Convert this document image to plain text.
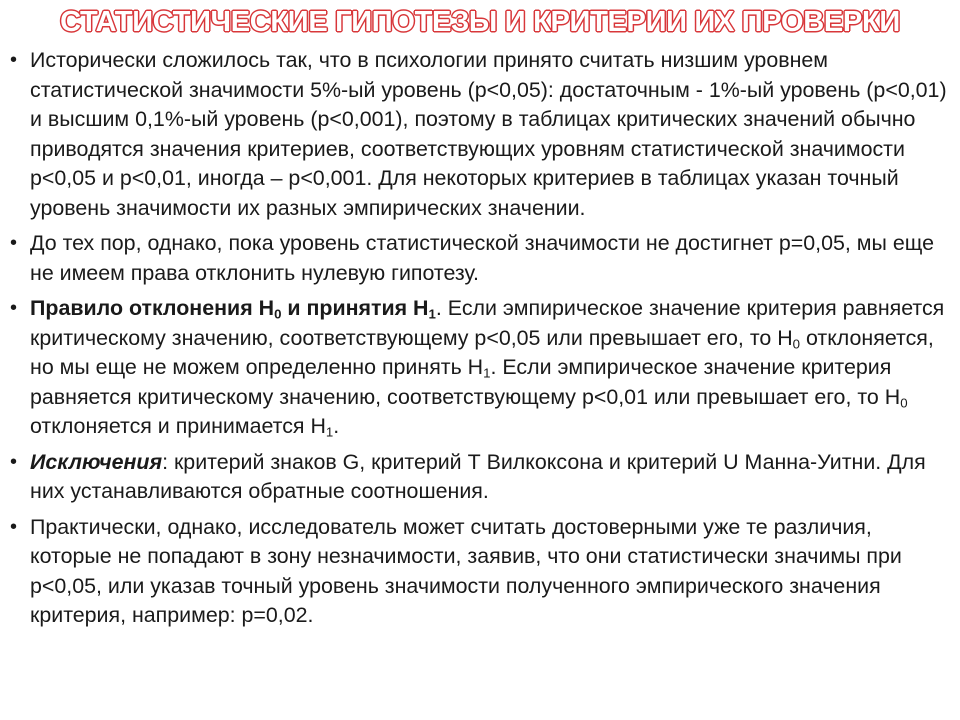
СТАТИСТИЧЕСКИЕ ГИПОТЕЗЫ И КРИТЕРИИ ИХ ПРОВЕРКИ
• Исторически сложилось так, что в психологии принято считать низшим уровнем статистической значимости 5%-ый уровень (р<0,05): достаточным - 1%-ый уровень (р<0,01) и высшим 0,1%-ый уровень (р<0,001), поэтому в таблицах критических значений обычно приводятся значения критериев, соответствующих уровням статистической значимости р<0,05 и р<0,01, иногда – р<0,001. Для некоторых критериев в таблицах указан точный уровень значимости их разных эмпирических значении.
• До тех пор, однако, пока уровень статистической значимости не достигнет р=0,05, мы еще не имеем права отклонить нулевую гипотезу.
• Правило отклонения $Н_0$ и принятия $Н_1$. Если эмпирическое значение критерия равняется критическому значению, соответствующему р<0,05 или превышает его, то $Н_0$ отклоняется, но мы еще не можем определенно принять $Н_1$. Если эмпирическое значение критерия равняется критическому значению, соответствующему р<0,01 или превышает его, то $Н_0$ отклоняется и принимается $Н_1$.
• Исключения: критерий знаков G, критерий Т Вилкоксона и критерий U Манна-Уитни. Для них устанавливаются обратные соотношения.
• Практически, однако, исследователь может считать достоверными уже те различия, которые не попадают в зону незначимости, заявив, что они статистически значимы при р<0,05, или указав точный уровень значимости полученного эмпирического значения критерия, например: р=0,02.
